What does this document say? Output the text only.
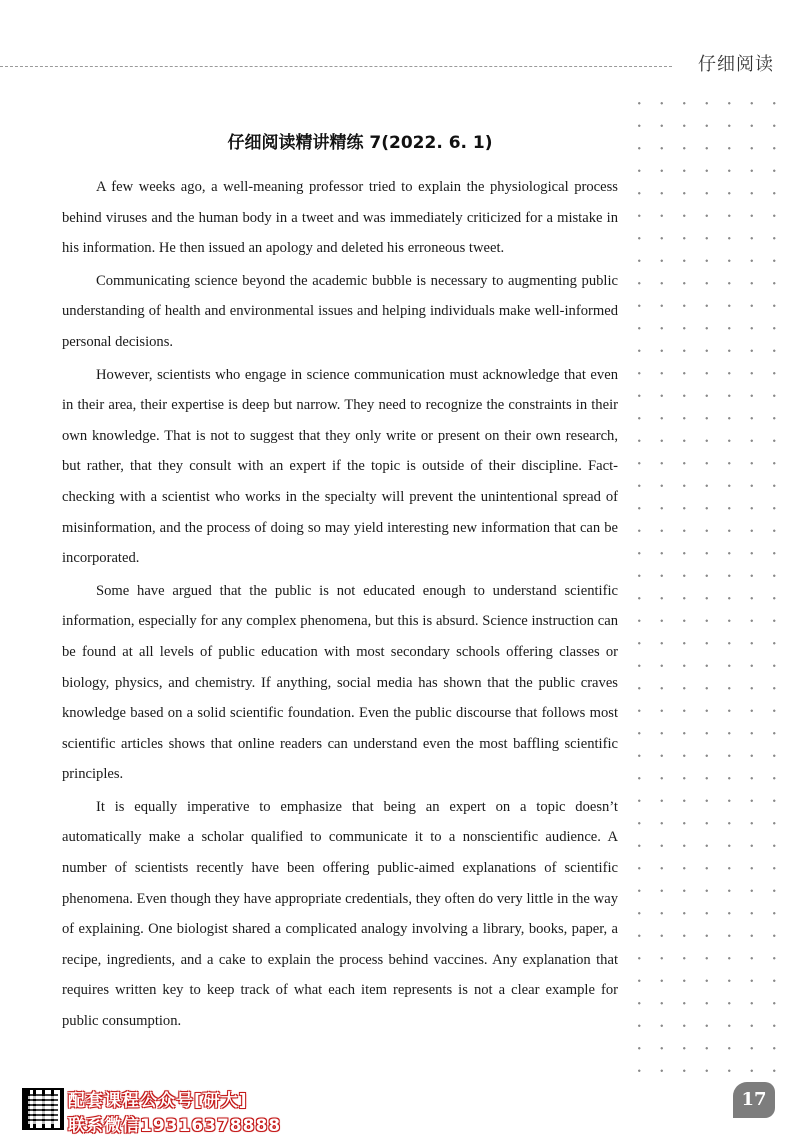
仔细阅读
仔细阅读精讲精练 7(2022. 6. 1)

A few weeks ago, a well-meaning professor tried to explain the physiological process behind viruses and the human body in a tweet and was immediately criticized for a mistake in his information. He then issued an apology and deleted his erroneous tweet.

Communicating science beyond the academic bubble is necessary to augmenting public understanding of health and environmental issues and helping individuals make well-informed personal decisions.

However, scientists who engage in science communication must acknowledge that even in their area, their expertise is deep but narrow. They need to recognize the constraints in their own knowledge. That is not to suggest that they only write or present on their own research, but rather, that they consult with an expert if the topic is outside of their discipline. Fact-checking with a scientist who works in the specialty will prevent the unintentional spread of misinformation, and the process of doing so may yield interesting new information that can be incorporated.

Some have argued that the public is not educated enough to understand scientific information, especially for any complex phenomena, but this is absurd. Science instruction can be found at all levels of public education with most secondary schools offering classes or biology, physics, and chemistry. If anything, social media has shown that the public craves knowledge based on a solid scientific foundation. Even the public discourse that follows most scientific articles shows that online readers can understand even the most baffling scientific principles.

It is equally imperative to emphasize that being an expert on a topic doesn’t automatically make a scholar qualified to communicate it to a nonscientific audience. A number of scientists recently have been offering public-aimed explanations of scientific phenomena. Even though they have appropriate credentials, they often do very little in the way of explaining. One biologist shared a complicated analogy involving a library, books, paper, a recipe, ingredients, and a cake to explain the process behind vaccines. Any explanation that requires written key to keep track of what each item represents is not a clear example for public consumption.

配套课程公众号[研大]
联系微信19316378888
17
